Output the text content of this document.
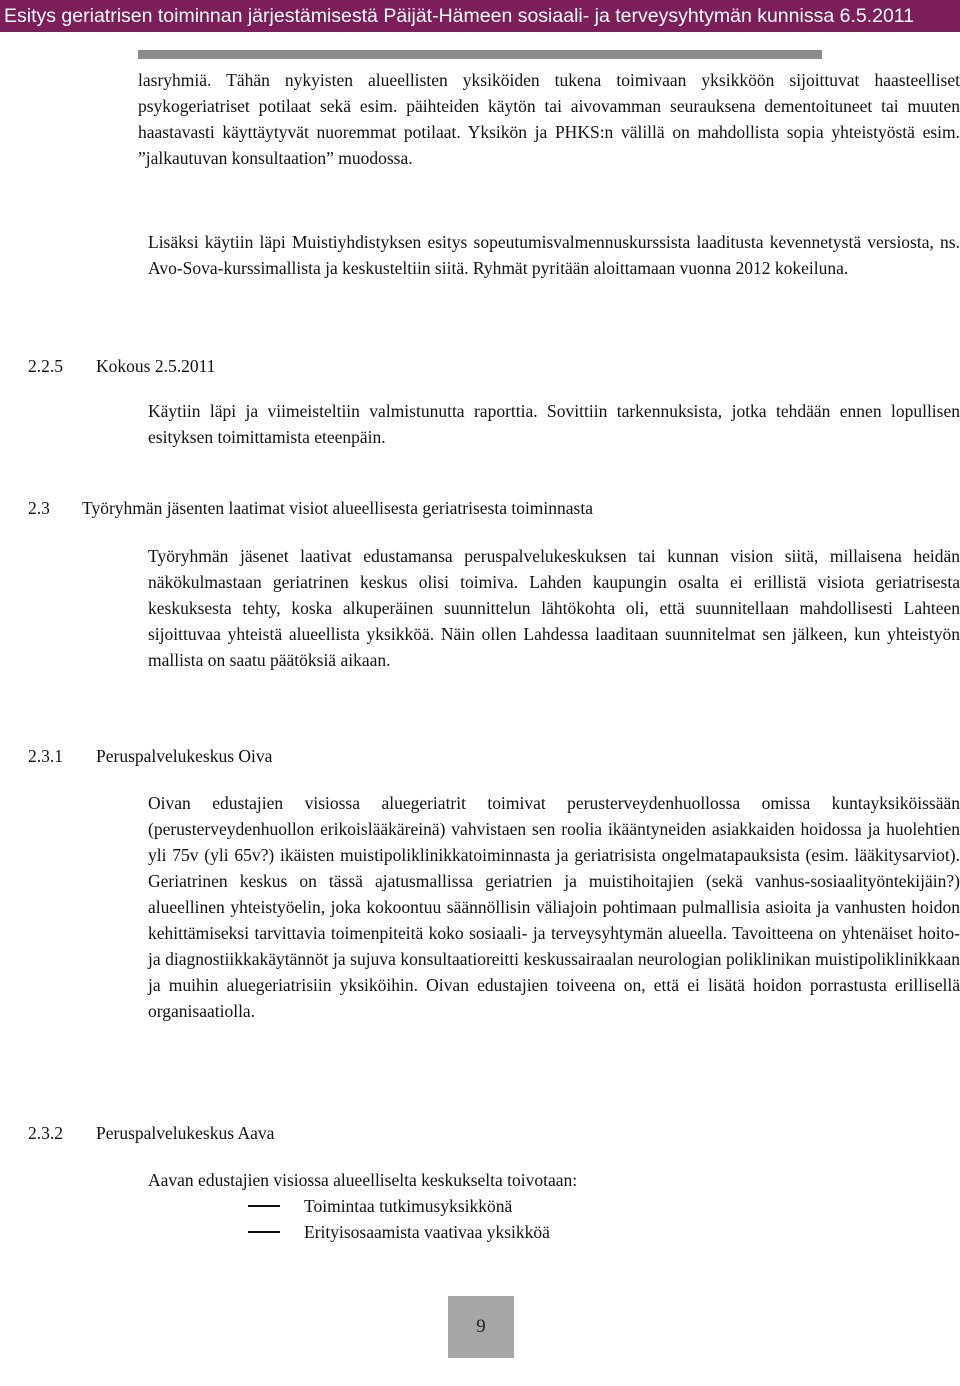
Esitys geriatrisen toiminnan järjestämisestä Päijät-Hämeen sosiaali- ja terveysyhtymän kunnissa 6.5.2011
lasryhmiä. Tähän nykyisten alueellisten yksiköiden tukena toimivaan yksikköön sijoittuvat haasteelliset psykogeriatriset potilaat sekä esim. päihteiden käytön tai aivovamman seurauksena dementoituneet tai muuten haastavasti käyttäytyvät nuoremmat potilaat. Yksikön ja PHKS:n välillä on mahdollista sopia yhteistyöstä esim. ”jalkautuvan konsultaation” muodossa.
Lisäksi käytiin läpi Muistiyhdistyksen esitys sopeutumisvalmennuskurssista laaditusta kevennetystä versiosta, ns. Avo-Sova-kurssimallista ja keskusteltiin siitä. Ryhmät pyritään aloittamaan vuonna 2012 kokeiluna.
2.2.5 Kokous 2.5.2011
Käytiin läpi ja viimeisteltiin valmistunutta raporttia. Sovittiin tarkennuksista, jotka tehdään ennen lopullisen esityksen toimittamista eteenpäin.
2.3 Työryhmän jäsenten laatimat visiot alueellisesta geriatrisesta toiminnasta
Työryhmän jäsenet laativat edustamansa peruspalvelukeskuksen tai kunnan vision siitä, millaisena heidän näkökulmastaan geriatrinen keskus olisi toimiva. Lahden kaupungin osalta ei erillistä visiota geriatrisesta keskuksesta tehty, koska alkuperäinen suunnittelun lähtökohta oli, että suunnitellaan mahdollisesti Lahteen sijoittuvaa yhteistä alueellista yksikköä. Näin ollen Lahdessa laaditaan suunnitelmat sen jälkeen, kun yhteistyön mallista on saatu päätöksiä aikaan.
2.3.1 Peruspalvelukeskus Oiva
Oivan edustajien visiossa aluegeriatrit toimivat perusterveydenhuollossa omissa kuntayksiköissään (perusterveydenhuollon erikoislääkäreinä) vahvistaen sen roolia ikääntyneiden asiakkaiden hoidossa ja huolehtien yli 75v (yli 65v?) ikäisten muistipoliklinikkatoiminnasta ja geriatrisista ongelmatapauksista (esim. lääkitysarviot). Geriatrinen keskus on tässä ajatusmallissa geriatrien ja muistihoitajien (sekä vanhus-sosiaalityöntekijäin?) alueellinen yhteistyöelin, joka kokoontuu säännöllisin väliajoin pohtimaan pulmallisia asioita ja vanhusten hoidon kehittämiseksi tarvittavia toimenpiteitä koko sosiaali- ja terveysyhtymän alueella. Tavoitteena on yhtenäiset hoito- ja diagnostiikkakäytännöt ja sujuva konsultaatioreitti keskussairaalan neurologian poliklinikan muistipoliklinikkaan ja muihin aluegeriatrisiin yksiköihin. Oivan edustajien toiveena on, että ei lisätä hoidon porrastusta erillisellä organisaatiolla.
2.3.2 Peruspalvelukeskus Aava
Aavan edustajien visiossa alueelliselta keskukselta toivotaan:
Toimintaa tutkimusyksikkönä
Erityisosaamista vaativaa yksikköä
9
